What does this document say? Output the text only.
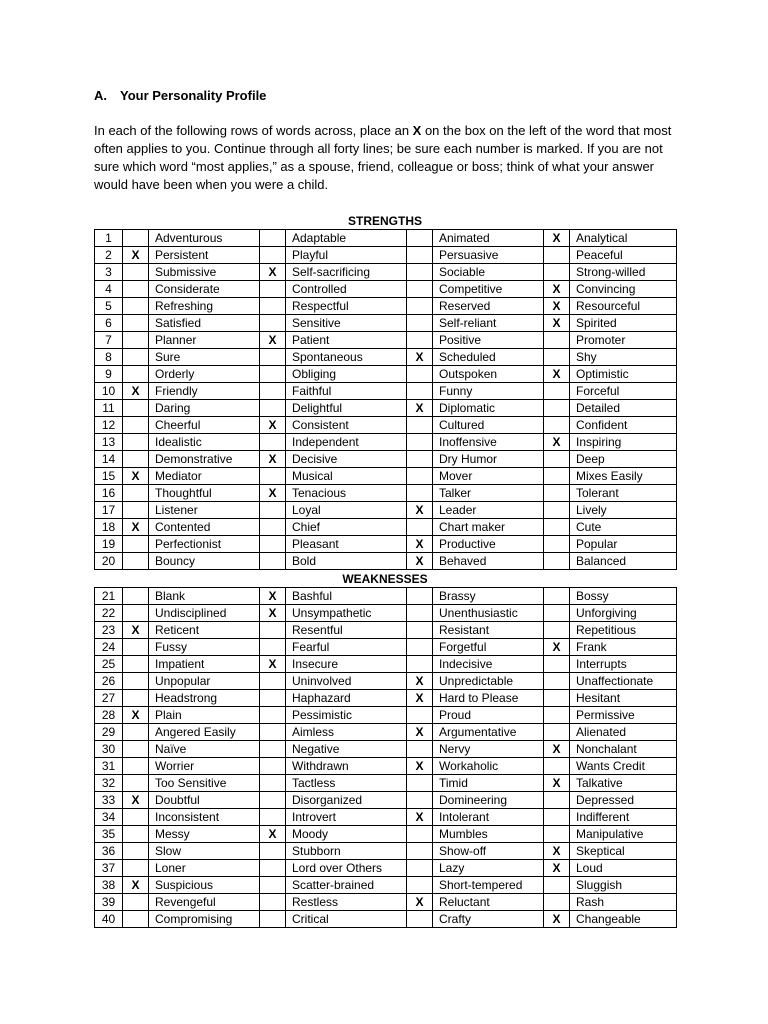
A. Your Personality Profile
In each of the following rows of words across, place an X on the box on the left of the word that most often applies to you. Continue through all forty lines; be sure each number is marked. If you are not sure which word “most applies,” as a spouse, friend, colleague or boss; think of what your answer would have been when you were a child.
STRENGTHS
1		Adventurous		Adaptable		Animated	X	Analytical
2	X	Persistent		Playful		Persuasive		Peaceful
3		Submissive	X	Self-sacrificing		Sociable		Strong-willed
4		Considerate		Controlled		Competitive	X	Convincing
5		Refreshing		Respectful		Reserved	X	Resourceful
6		Satisfied		Sensitive		Self-reliant	X	Spirited
7		Planner	X	Patient		Positive		Promoter
8		Sure		Spontaneous	X	Scheduled		Shy
9		Orderly		Obliging		Outspoken	X	Optimistic
10	X	Friendly		Faithful		Funny		Forceful
11		Daring		Delightful	X	Diplomatic		Detailed
12		Cheerful	X	Consistent		Cultured		Confident
13		Idealistic		Independent		Inoffensive	X	Inspiring
14		Demonstrative	X	Decisive		Dry Humor		Deep
15	X	Mediator		Musical		Mover		Mixes Easily
16		Thoughtful	X	Tenacious		Talker		Tolerant
17		Listener		Loyal	X	Leader		Lively
18	X	Contented		Chief		Chart maker		Cute
19		Perfectionist		Pleasant	X	Productive		Popular
20		Bouncy		Bold	X	Behaved		Balanced
WEAKNESSES
21		Blank	X	Bashful		Brassy		Bossy
22		Undisciplined	X	Unsympathetic		Unenthusiastic		Unforgiving
23	X	Reticent		Resentful		Resistant		Repetitious
24		Fussy		Fearful		Forgetful	X	Frank
25		Impatient	X	Insecure		Indecisive		Interrupts
26		Unpopular		Uninvolved	X	Unpredictable		Unaffectionate
27		Headstrong		Haphazard	X	Hard to Please		Hesitant
28	X	Plain		Pessimistic		Proud		Permissive
29		Angered Easily		Aimless	X	Argumentative		Alienated
30		Naïve		Negative		Nervy	X	Nonchalant
31		Worrier		Withdrawn	X	Workaholic		Wants Credit
32		Too Sensitive		Tactless		Timid	X	Talkative
33	X	Doubtful		Disorganized		Domineering		Depressed
34		Inconsistent		Introvert	X	Intolerant		Indifferent
35		Messy	X	Moody		Mumbles		Manipulative
36		Slow		Stubborn		Show-off	X	Skeptical
37		Loner		Lord over Others		Lazy	X	Loud
38	X	Suspicious		Scatter-brained		Short-tempered		Sluggish
39		Revengeful		Restless	X	Reluctant		Rash
40		Compromising		Critical		Crafty	X	Changeable
